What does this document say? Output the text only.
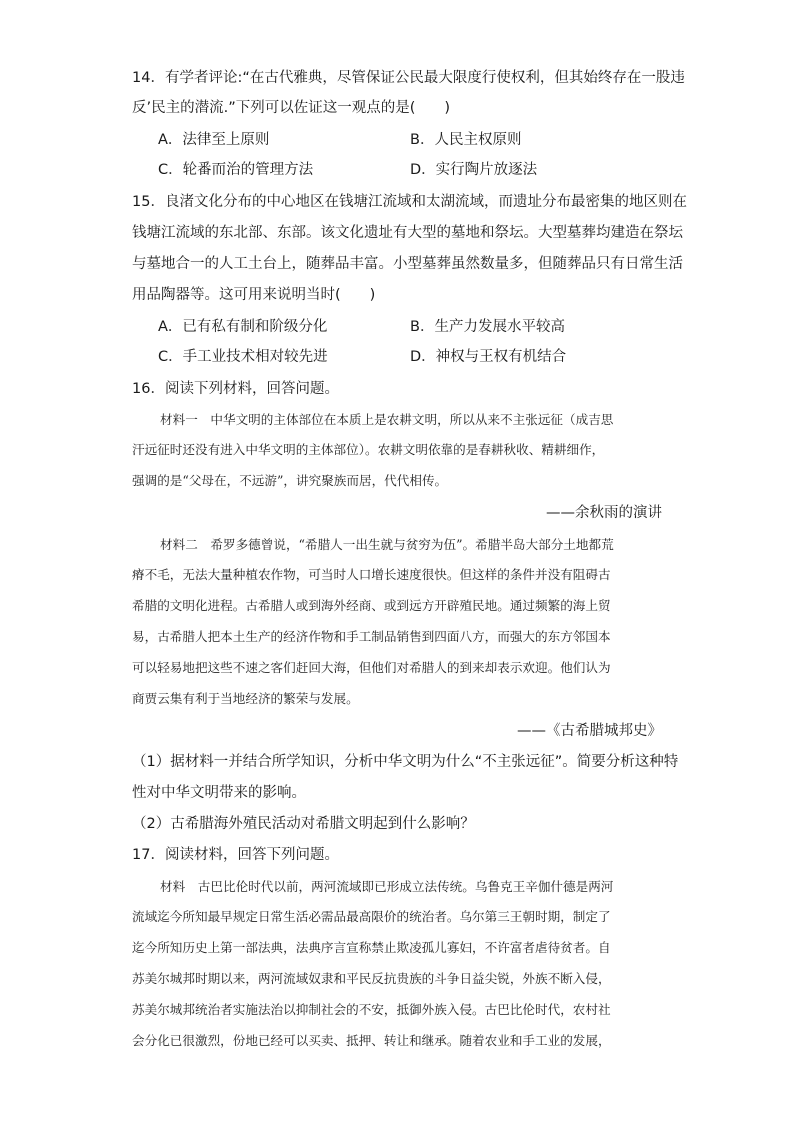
14．有学者评论:“在古代雅典，尽管保证公民最大限度行使权利，但其始终存在一股违
反’民主的潜流.”下列可以佐证这一观点的是(　　)
A．法律至上原则	B．人民主权原则
C．轮番而治的管理方法	D．实行陶片放逐法
15．良渚文化分布的中心地区在钱塘江流域和太湖流域，而遗址分布最密集的地区则在
钱塘江流域的东北部、东部。该文化遗址有大型的墓地和祭坛。大型墓葬均建造在祭坛
与墓地合一的人工土台上，随葬品丰富。小型墓葬虽然数量多，但随葬品只有日常生活
用品陶器等。这可用来说明当时(　　)
A．已有私有制和阶级分化	B．生产力发展水平较高
C．手工业技术相对较先进	D．神权与王权有机结合
16．阅读下列材料，回答问题。
材料一　中华文明的主体部位在本质上是农耕文明，所以从来不主张远征（成吉思
汗远征时还没有进入中华文明的主体部位）。农耕文明依靠的是春耕秋收、精耕细作，
强调的是“父母在，不远游”，讲究聚族而居，代代相传。
——余秋雨的演讲
材料二　希罗多德曾说，“希腊人一出生就与贫穷为伍”。希腊半岛大部分土地都荒
瘠不毛，无法大量种植农作物，可当时人口增长速度很快。但这样的条件并没有阻碍古
希腊的文明化进程。古希腊人或到海外经商、或到远方开辟殖民地。通过频繁的海上贸
易，古希腊人把本土生产的经济作物和手工制品销售到四面八方，而强大的东方邻国本
可以轻易地把这些不速之客们赶回大海，但他们对希腊人的到来却表示欢迎。他们认为
商贾云集有利于当地经济的繁荣与发展。
——《古希腊城邦史》
（1）据材料一并结合所学知识，分析中华文明为什么“不主张远征”。简要分析这种特
性对中华文明带来的影响。
（2）古希腊海外殖民活动对希腊文明起到什么影响？
17．阅读材料，回答下列问题。
材料　古巴比伦时代以前，两河流域即已形成立法传统。乌鲁克王辛伽什德是两河
流域迄今所知最早规定日常生活必需品最高限价的统治者。乌尔第三王朝时期，制定了
迄今所知历史上第一部法典，法典序言宣称禁止欺凌孤儿寡妇，不许富者虐待贫者。自
苏美尔城邦时期以来，两河流域奴隶和平民反抗贵族的斗争日益尖锐，外族不断入侵，
苏美尔城邦统治者实施法治以抑制社会的不安，抵御外族入侵。古巴比伦时代，农村社
会分化已很激烈，份地已经可以买卖、抵押、转让和继承。随着农业和手工业的发展，
